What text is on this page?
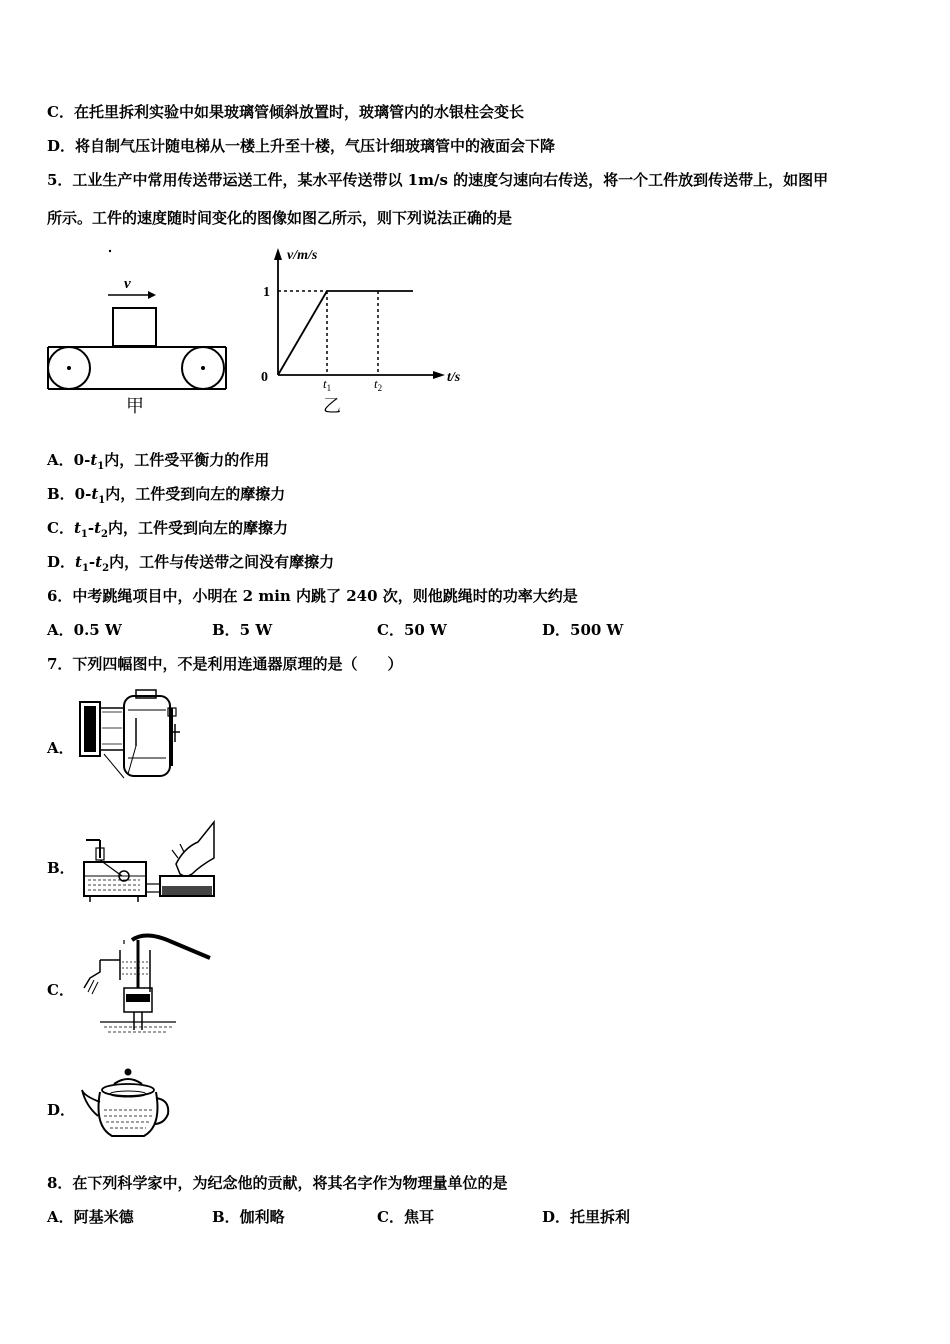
C．在托里拆利实验中如果玻璃管倾斜放置时，玻璃管内的水银柱会变长
D．将自制气压计随电梯从一楼上升至十楼，气压计细玻璃管中的液面会下降
5．工业生产中常用传送带运送工件，某水平传送带以 1m/s 的速度匀速向右传送，将一个工件放到传送带上，如图甲
所示。工件的速度随时间变化的图像如图乙所示，则下列说法正确的是
v
甲
v/m/s
t/s
0
1
$t_1$	$t_2$
乙
A．$0-t_1$内，工件受平衡力的作用
B．$0-t_1$内，工件受到向左的摩擦力
C．$t_1-t_2$内，工件受到向左的摩擦力
D．$t_1-t_2$内，工件与传送带之间没有摩擦力
6．中考跳绳项目中，小明在 2 min 内跳了 240 次，则他跳绳时的功率大约是
A．0.5 W	B．5 W	C．50 W	D．500 W
7．下列四幅图中，不是利用连通器原理的是（　　）
A．
B．
C．
D．
8．在下列科学家中，为纪念他的贡献，将其名字作为物理量单位的是
A．阿基米德	B．伽利略	C．焦耳	D．托里拆利
